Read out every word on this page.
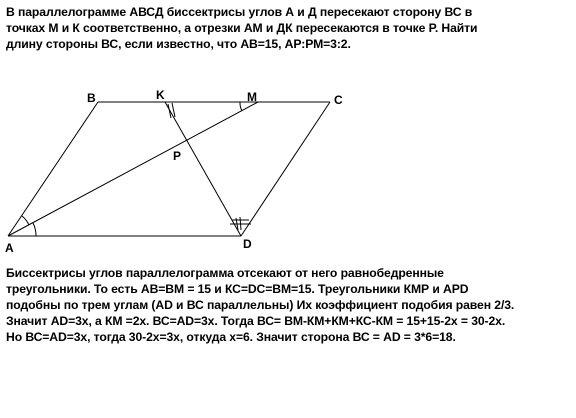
В параллелограмме АВСД биссектрисы углов А и Д пересекают сторону ВС в
точках М и К соответственно, а отрезки АМ и ДК пересекаются в точке Р. Найти
длину стороны ВС, если известно, что АВ=15, АР:РМ=3:2.
A
B	K	M	C
P
D
Биссектрисы углов параллелограмма отсекают от него равнобедренные
треугольники. То есть АВ=ВМ = 15 и КС=DC=BM=15. Треугольники КМР и APD
подобны по трем углам (AD и ВС параллельны) Их коэффициент подобия равен 2/3.
Значит AD=3х, а КМ =2х. ВС=AD=3х. Тогда ВС= ВМ-КМ+КМ+КС-КМ = 15+15-2х = 30-2х.
Но ВС=AD=3х, тогда 30-2х=3х, откуда х=6. Значит сторона ВС = AD = 3*6=18.
